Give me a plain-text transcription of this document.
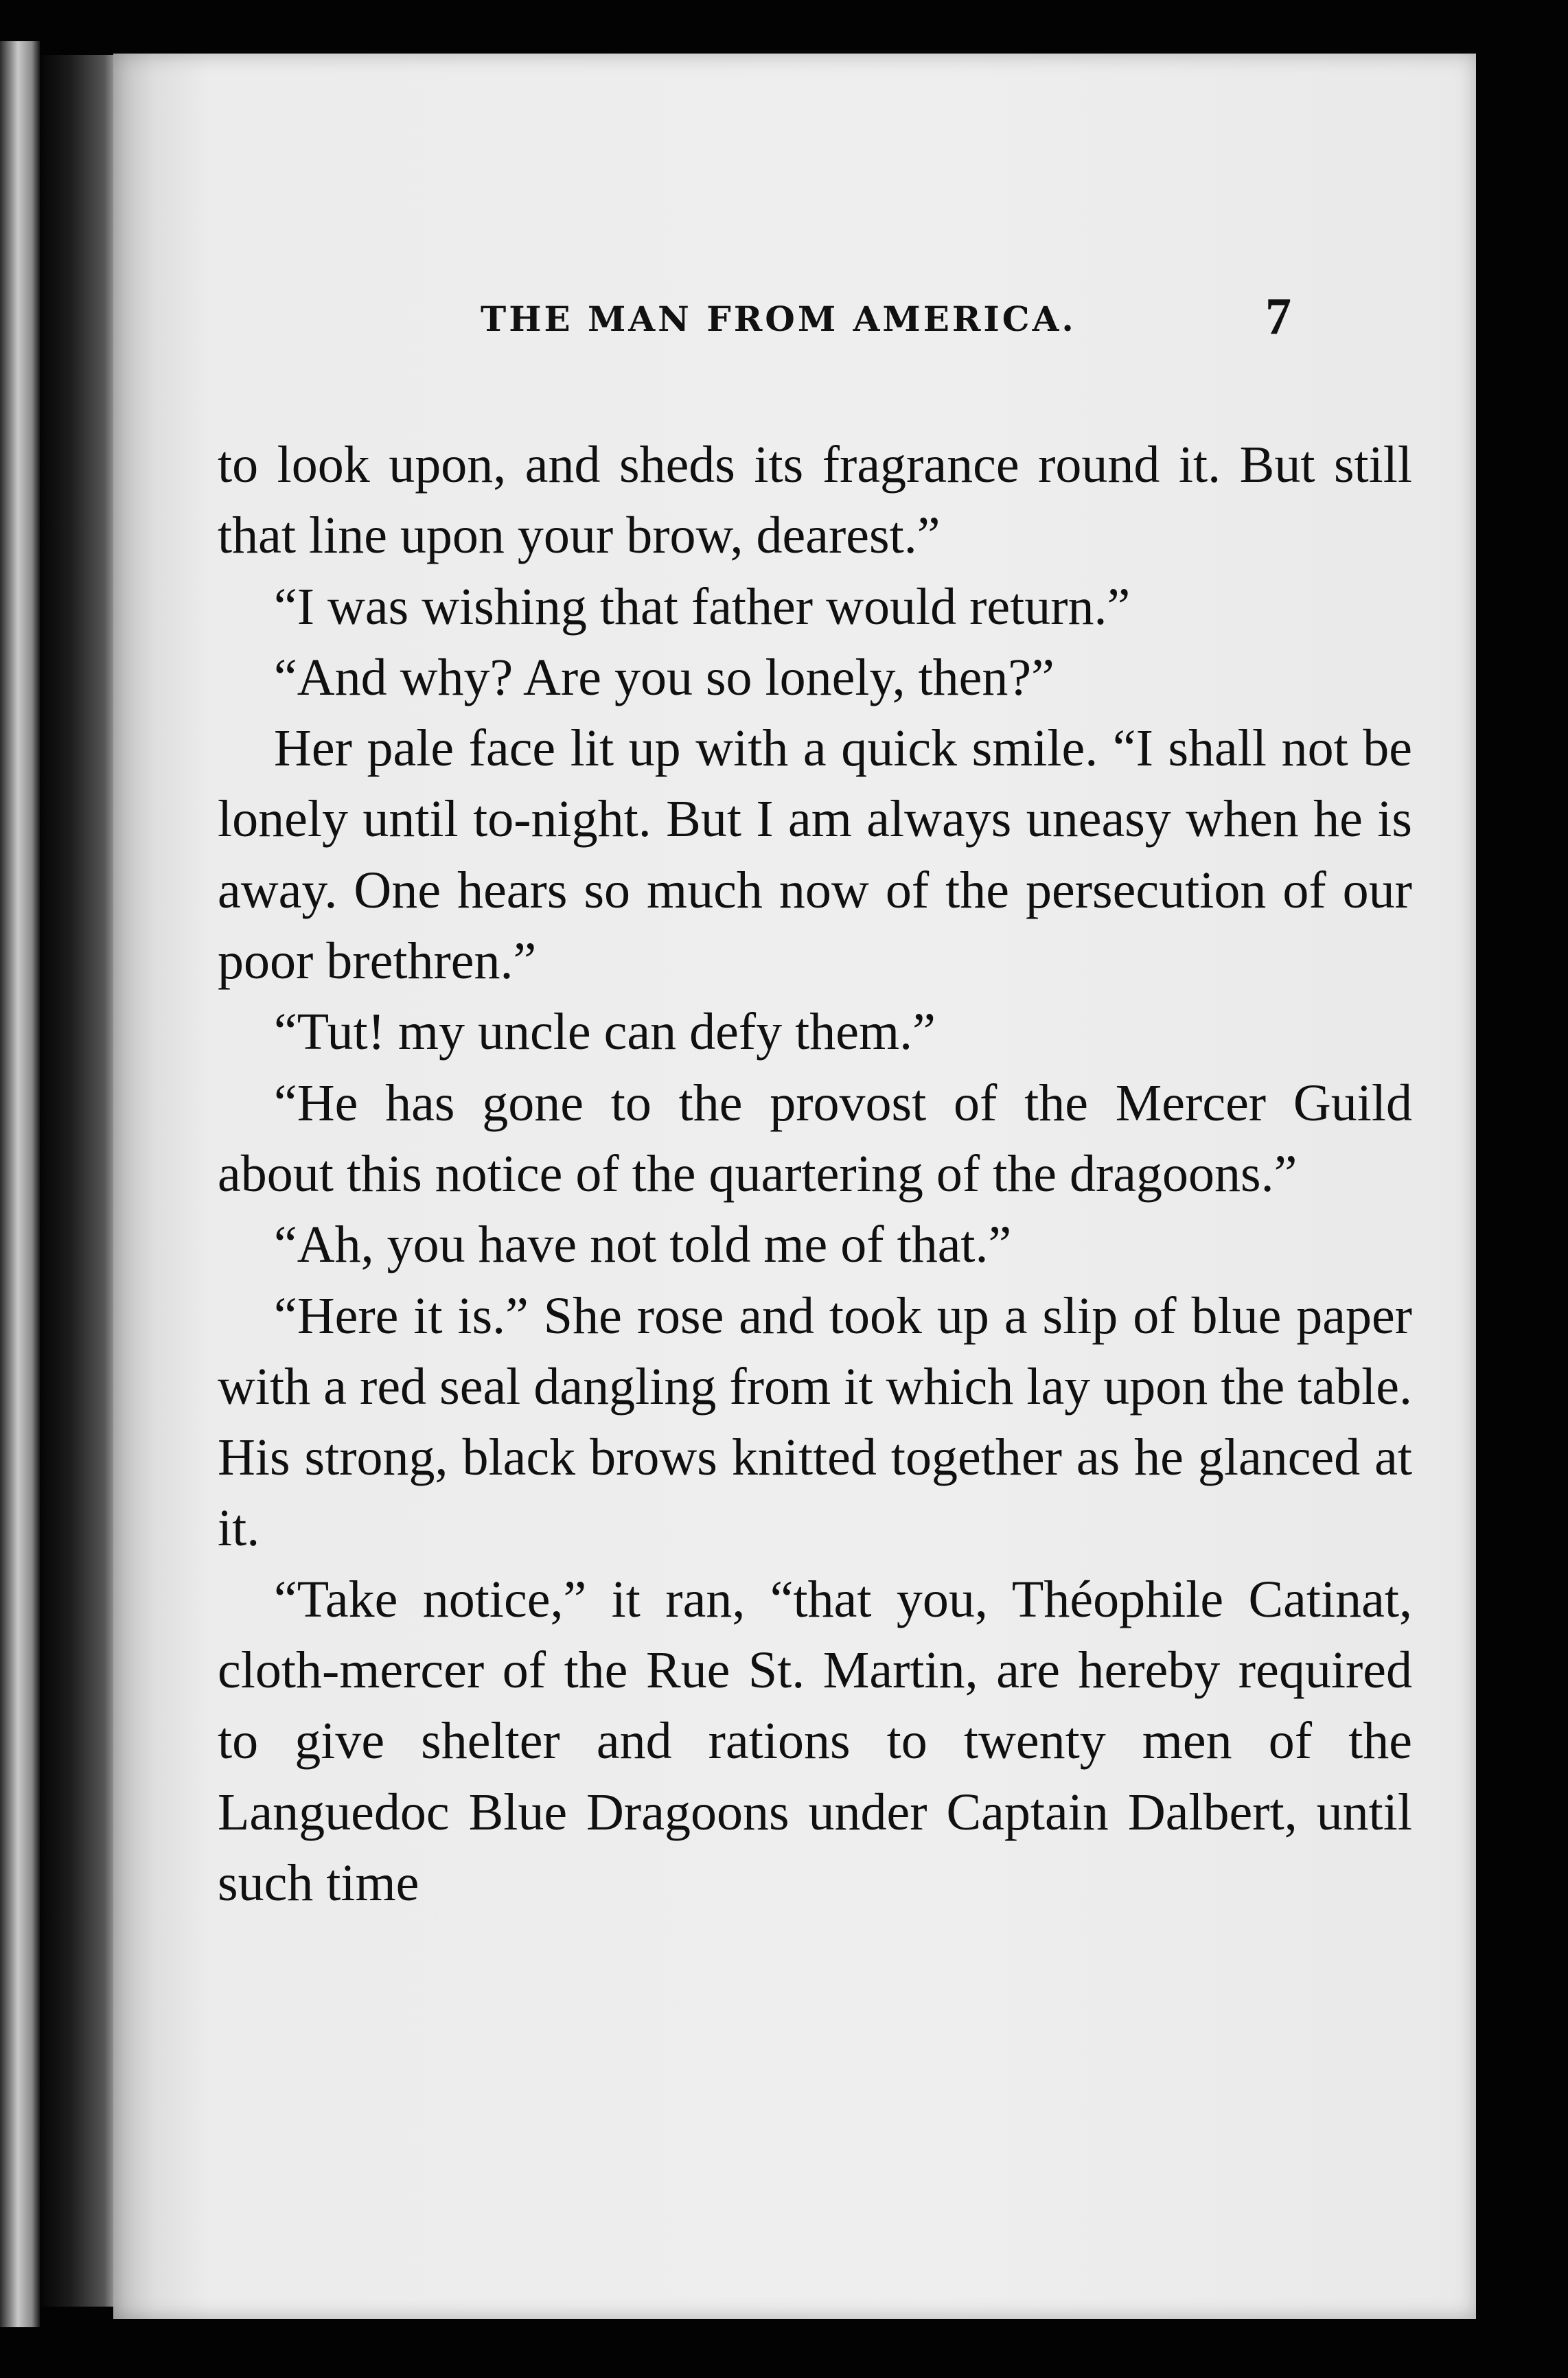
THE MAN FROM AMERICA.	7

to look upon, and sheds its fragrance round it. But still that line upon your brow, dearest.”

“I was wishing that father would return.”

“And why? Are you so lonely, then?”

Her pale face lit up with a quick smile. “I shall not be lonely until to-night. But I am always uneasy when he is away. One hears so much now of the persecution of our poor brethren.”

“Tut! my uncle can defy them.”

“He has gone to the provost of the Mercer Guild about this notice of the quartering of the dragoons.”

“Ah, you have not told me of that.”

“Here it is.” She rose and took up a slip of blue paper with a red seal dangling from it which lay upon the table. His strong, black brows knitted together as he glanced at it.

“Take notice,” it ran, “that you, Théophile Catinat, cloth-mercer of the Rue St. Martin, are hereby required to give shelter and rations to twenty men of the Languedoc Blue Dragoons under Captain Dalbert, until such time
